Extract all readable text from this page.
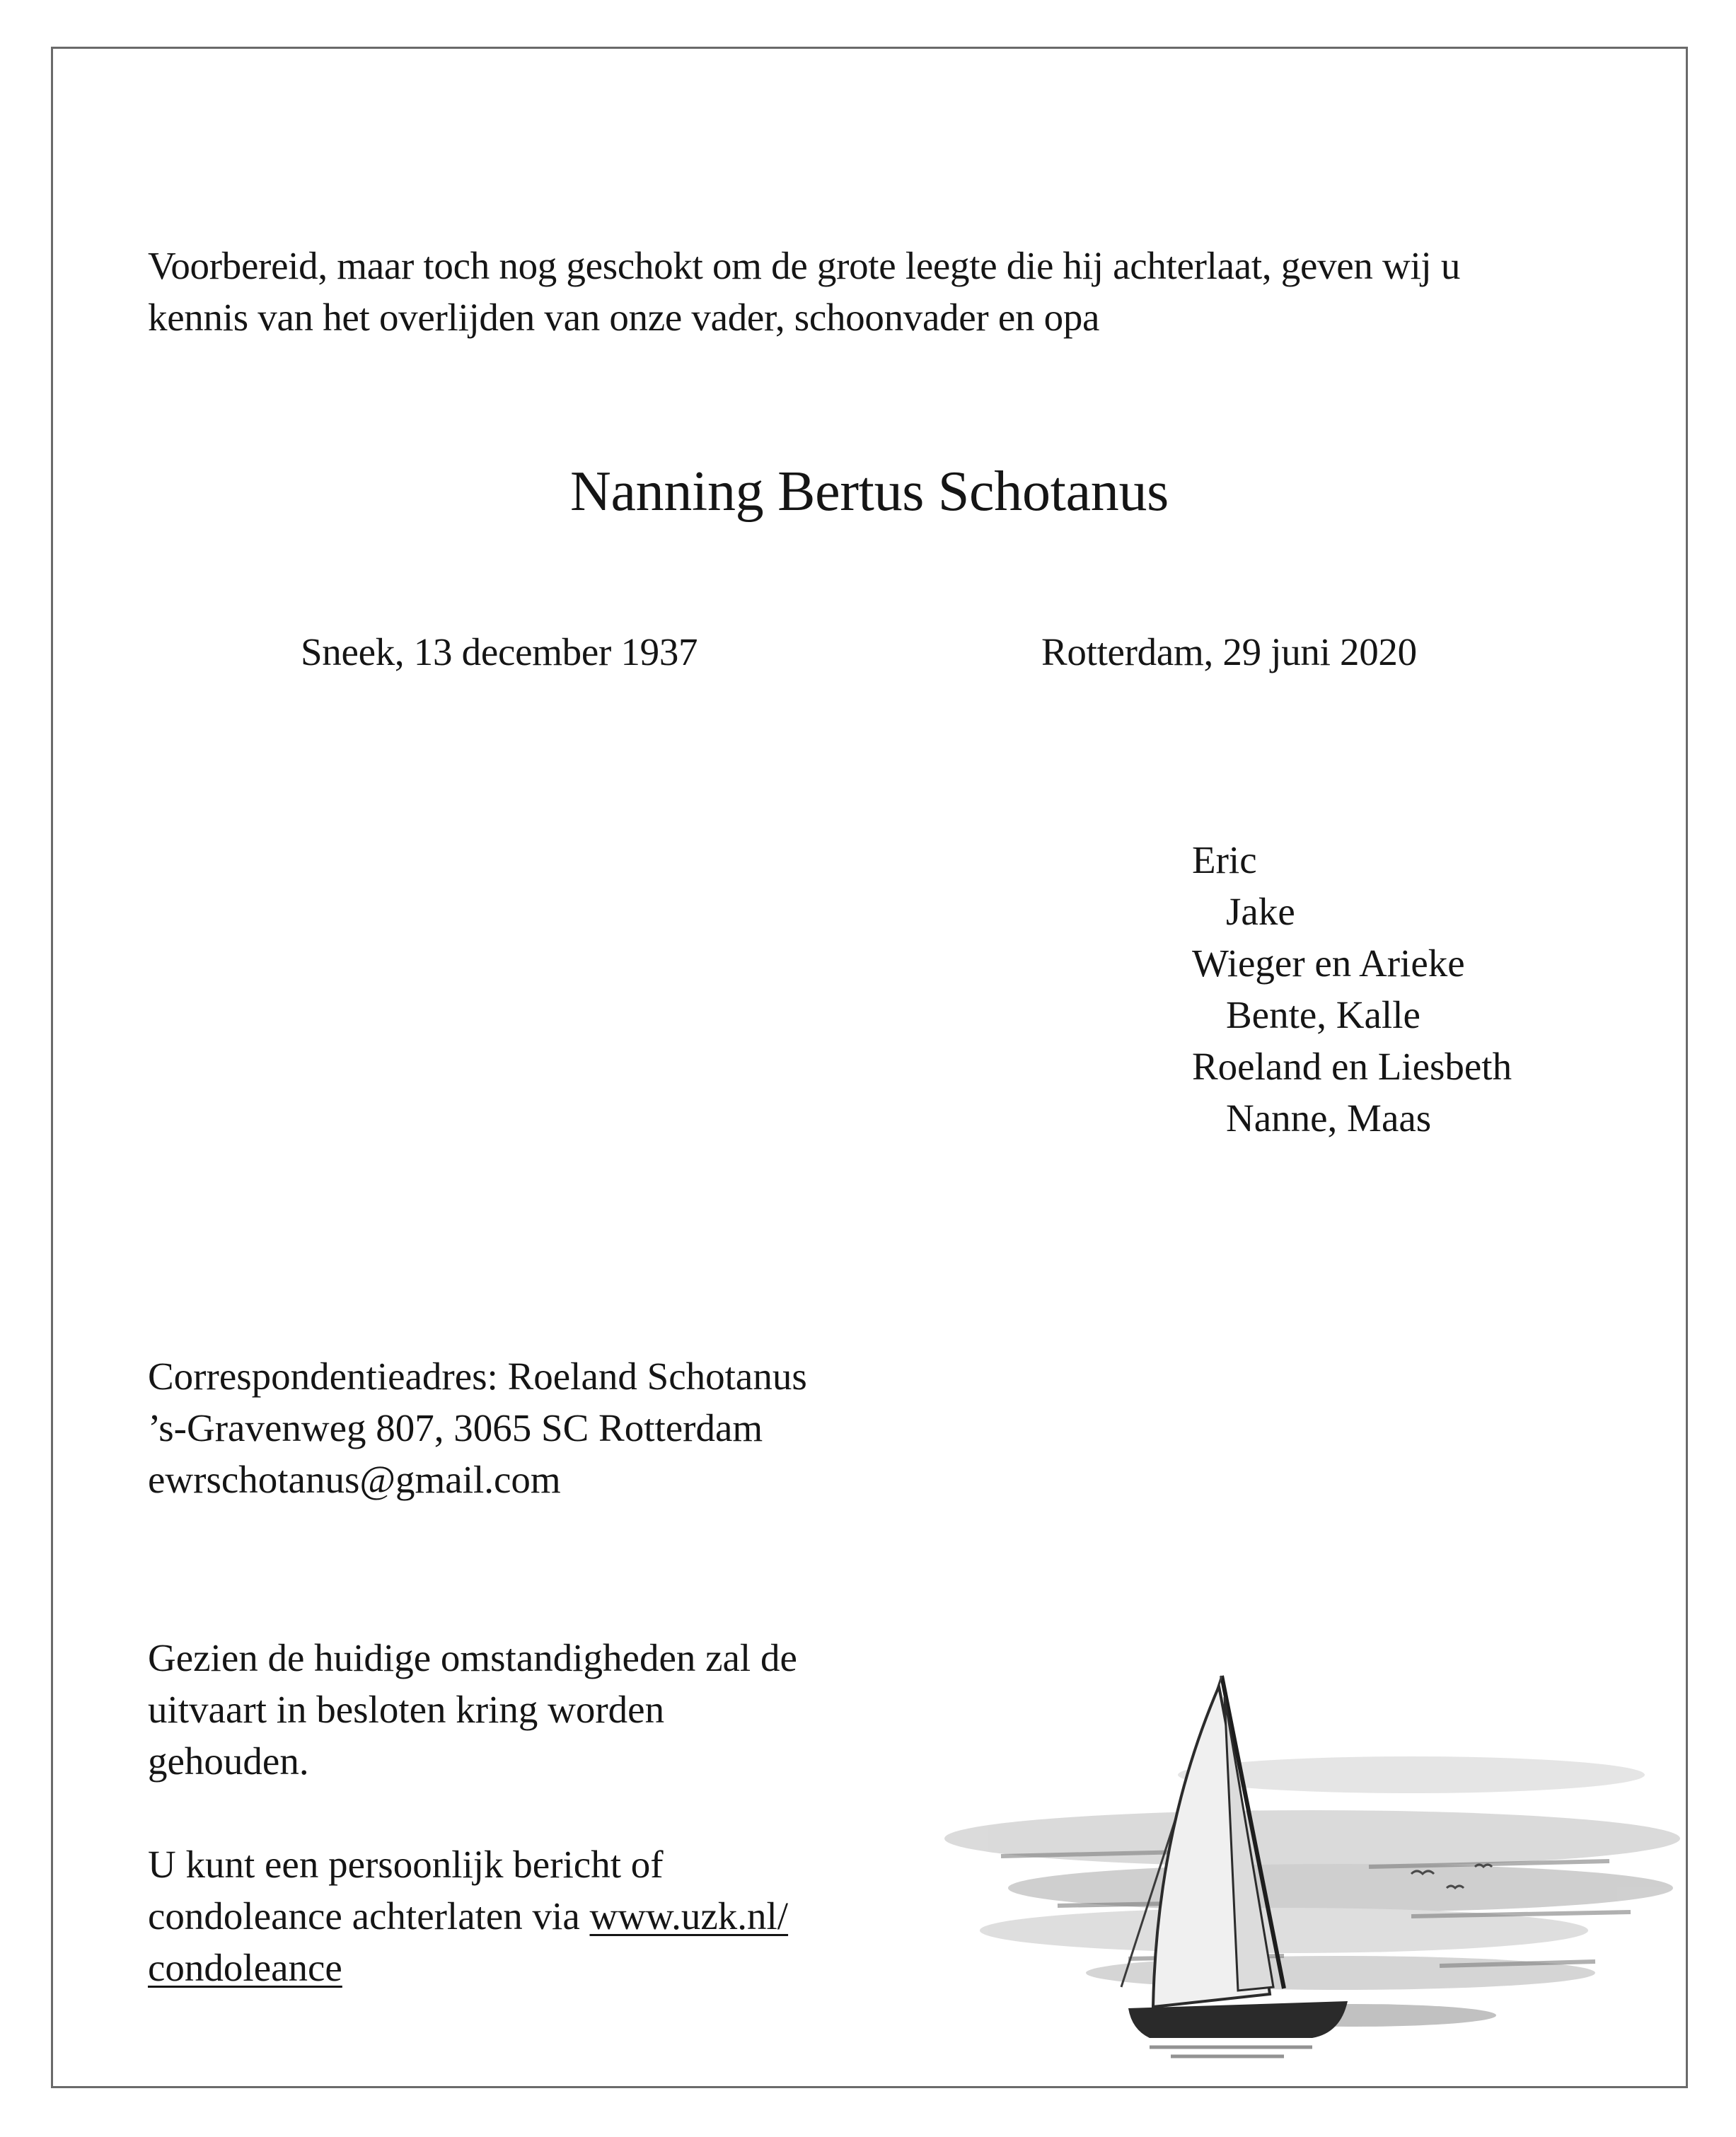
Voorbereid, maar toch nog geschokt om de grote leegte die hij achterlaat, geven wij u
kennis van het overlijden van onze vader, schoonvader en opa
Nanning Bertus Schotanus
Sneek, 13 december 1937	Rotterdam, 29 juni 2020
Eric
Jake
Wieger en Arieke
Bente, Kalle
Roeland en Liesbeth
Nanne, Maas
Correspondentieadres: Roeland Schotanus
’s-Gravenweg 807, 3065 SC Rotterdam
ewrschotanus@gmail.com
Gezien de huidige omstandigheden zal de
uitvaart in besloten kring worden
gehouden.
U kunt een persoonlijk bericht of
condoleance achterlaten via www.uzk.nl/
condoleance
